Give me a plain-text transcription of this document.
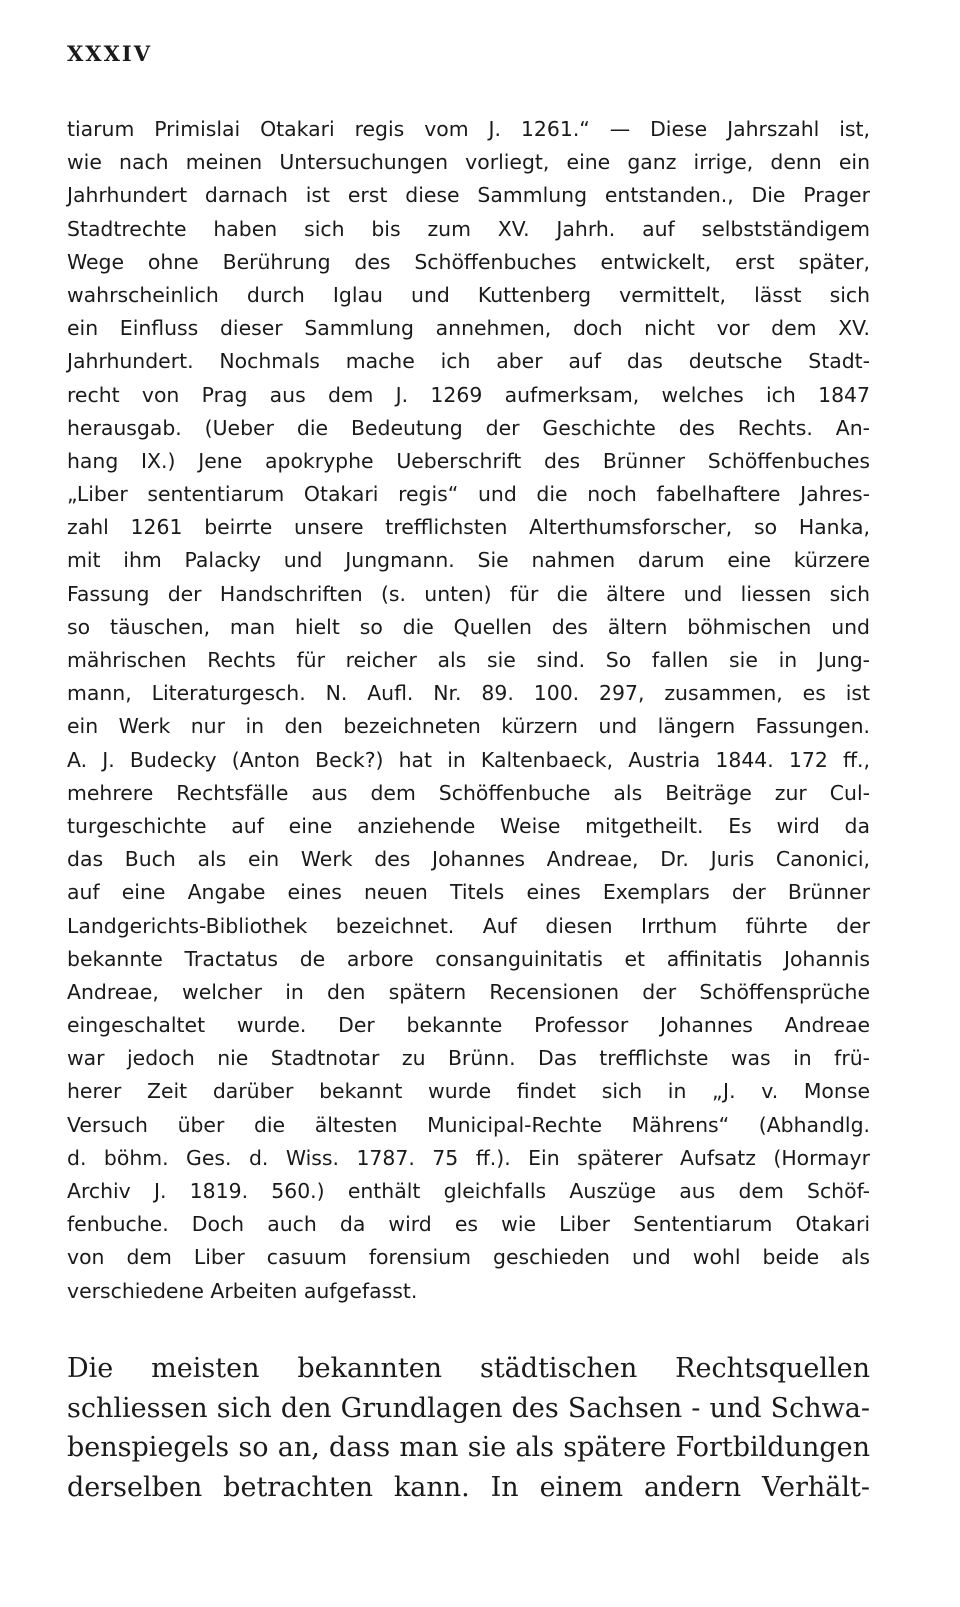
XXXIV
tiarum Primislai Otakari regis vom J. 1261.“ — Diese Jahrszahl ist,
wie nach meinen Untersuchungen vorliegt, eine ganz irrige, denn ein
Jahrhundert darnach ist erst diese Sammlung entstanden., Die Prager
Stadtrechte haben sich bis zum XV. Jahrh. auf selbstständigem
Wege ohne Berührung des Schöffenbuches entwickelt, erst später,
wahrscheinlich durch Iglau und Kuttenberg vermittelt, lässt sich
ein Einfluss dieser Sammlung annehmen, doch nicht vor dem XV.
Jahrhundert. Nochmals mache ich aber auf das deutsche Stadt-
recht von Prag aus dem J. 1269 aufmerksam, welches ich 1847
herausgab. (Ueber die Bedeutung der Geschichte des Rechts. An-
hang IX.) Jene apokryphe Ueberschrift des Brünner Schöffenbuches
„Liber sententiarum Otakari regis“ und die noch fabelhaftere Jahres-
zahl 1261 beirrte unsere trefflichsten Alterthumsforscher, so Hanka,
mit ihm Palacky und Jungmann. Sie nahmen darum eine kürzere
Fassung der Handschriften (s. unten) für die ältere und liessen sich
so täuschen, man hielt so die Quellen des ältern böhmischen und
mährischen Rechts für reicher als sie sind. So fallen sie in Jung-
mann, Literaturgesch. N. Aufl. Nr. 89. 100. 297, zusammen, es ist
ein Werk nur in den bezeichneten kürzern und längern Fassungen.
A. J. Budecky (Anton Beck?) hat in Kaltenbaeck, Austria 1844. 172 ff.,
mehrere Rechtsfälle aus dem Schöffenbuche als Beiträge zur Cul-
turgeschichte auf eine anziehende Weise mitgetheilt. Es wird da
das Buch als ein Werk des Johannes Andreae, Dr. Juris Canonici,
auf eine Angabe eines neuen Titels eines Exemplars der Brünner
Landgerichts-Bibliothek bezeichnet. Auf diesen Irrthum führte der
bekannte Tractatus de arbore consanguinitatis et affinitatis Johannis
Andreae, welcher in den spätern Recensionen der Schöffensprüche
eingeschaltet wurde. Der bekannte Professor Johannes Andreae
war jedoch nie Stadtnotar zu Brünn. Das trefflichste was in frü-
herer Zeit darüber bekannt wurde findet sich in „J. v. Monse
Versuch über die ältesten Municipal-Rechte Mährens“ (Abhandlg.
d. böhm. Ges. d. Wiss. 1787. 75 ff.). Ein späterer Aufsatz (Hormayr
Archiv J. 1819. 560.) enthält gleichfalls Auszüge aus dem Schöf-
fenbuche. Doch auch da wird es wie Liber Sententiarum Otakari
von dem Liber casuum forensium geschieden und wohl beide als
verschiedene Arbeiten aufgefasst.
Die meisten bekannten städtischen Rechtsquellen
schliessen sich den Grundlagen des Sachsen - und Schwa-
benspiegels so an, dass man sie als spätere Fortbildungen
derselben betrachten kann. In einem andern Verhält-
